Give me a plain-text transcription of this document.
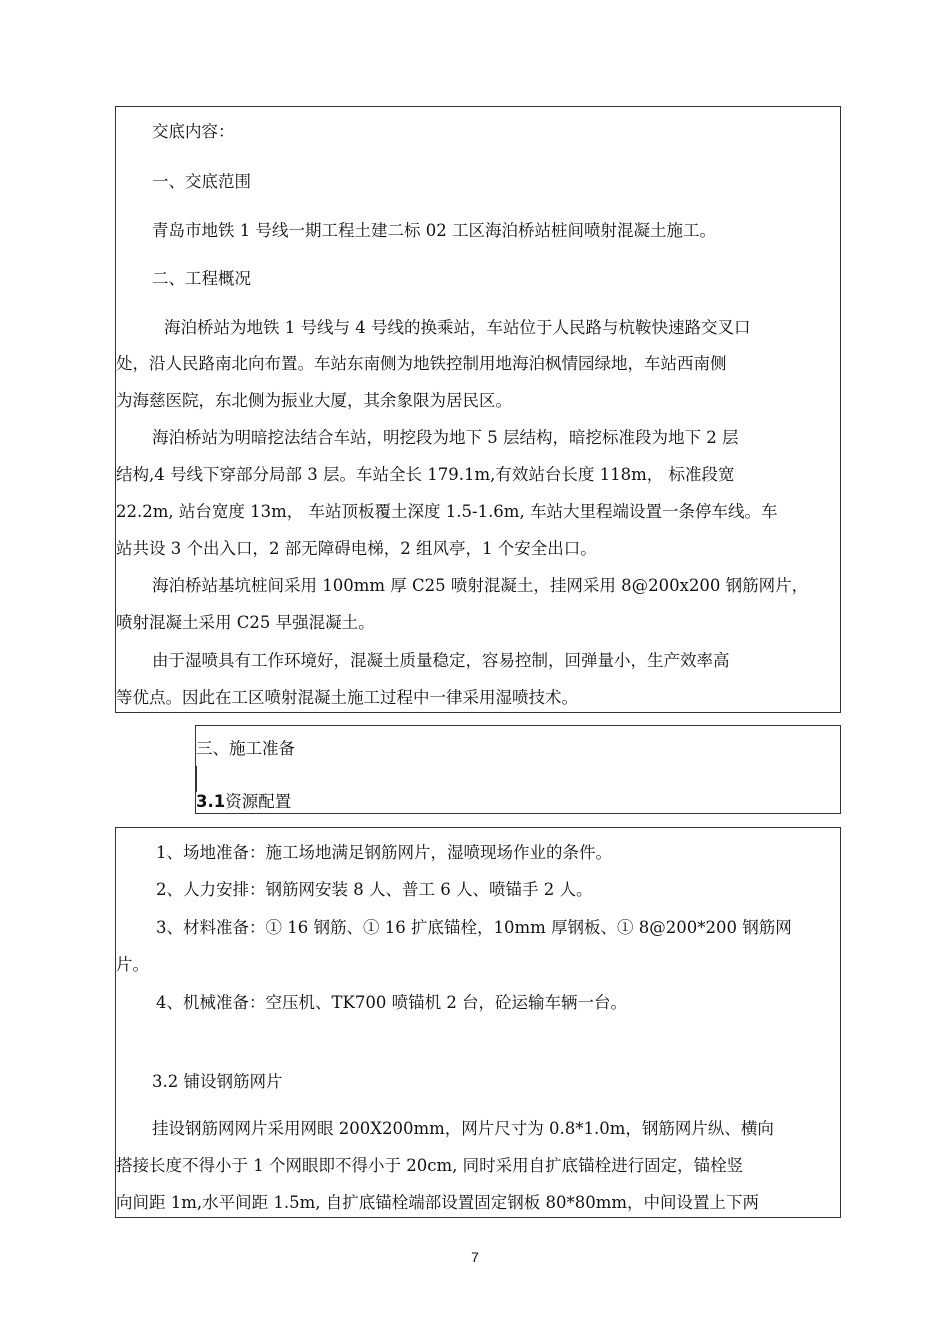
交底内容：
一、交底范围
青岛市地铁 1 号线一期工程土建二标 02 工区海泊桥站桩间喷射混凝土施工。
二、工程概况
海泊桥站为地铁 1 号线与 4 号线的换乘站，车站位于人民路与杭鞍快速路交叉口
处，沿人民路南北向布置。车站东南侧为地铁控制用地海泊枫情园绿地，车站西南侧
为海慈医院，东北侧为振业大厦，其余象限为居民区。
海泊桥站为明暗挖法结合车站，明挖段为地下 5 层结构，暗挖标准段为地下 2 层
结构,4 号线下穿部分局部 3 层。车站全长 179.1m,有效站台长度 118m， 标准段宽
22.2m, 站台宽度 13m， 车站顶板覆土深度 1.5-1.6m, 车站大里程端设置一条停车线。车
站共设 3 个出入口，2 部无障碍电梯，2 组风亭，1 个安全出口。
海泊桥站基坑桩间采用 100mm 厚 C25 喷射混凝土，挂网采用 8@200x200 钢筋网片，
喷射混凝土采用 C25 早强混凝土。
由于湿喷具有工作环境好，混凝土质量稳定，容易控制，回弹量小，生产效率高
等优点。因此在工区喷射混凝土施工过程中一律采用湿喷技术。
三、施工准备
3.1资源配置
1、场地准备：施工场地满足钢筋网片，湿喷现场作业的条件。
2、人力安排：钢筋网安装 8 人、普工 6 人、喷锚手 2 人。
3、材料准备：① 16 钢筋、① 16 扩底锚栓，10mm 厚钢板、① 8@200*200 钢筋网
片。
4、机械准备：空压机、TK700 喷锚机 2 台，砼运输车辆一台。
3.2 铺设钢筋网片
挂设钢筋网网片采用网眼 200X200mm，网片尺寸为 0.8*1.0m，钢筋网片纵、横向
搭接长度不得小于 1 个网眼即不得小于 20cm, 同时采用自扩底锚栓进行固定，锚栓竖
向间距 1m,水平间距 1.5m, 自扩底锚栓端部设置固定钢板 80*80mm，中间设置上下两
7
